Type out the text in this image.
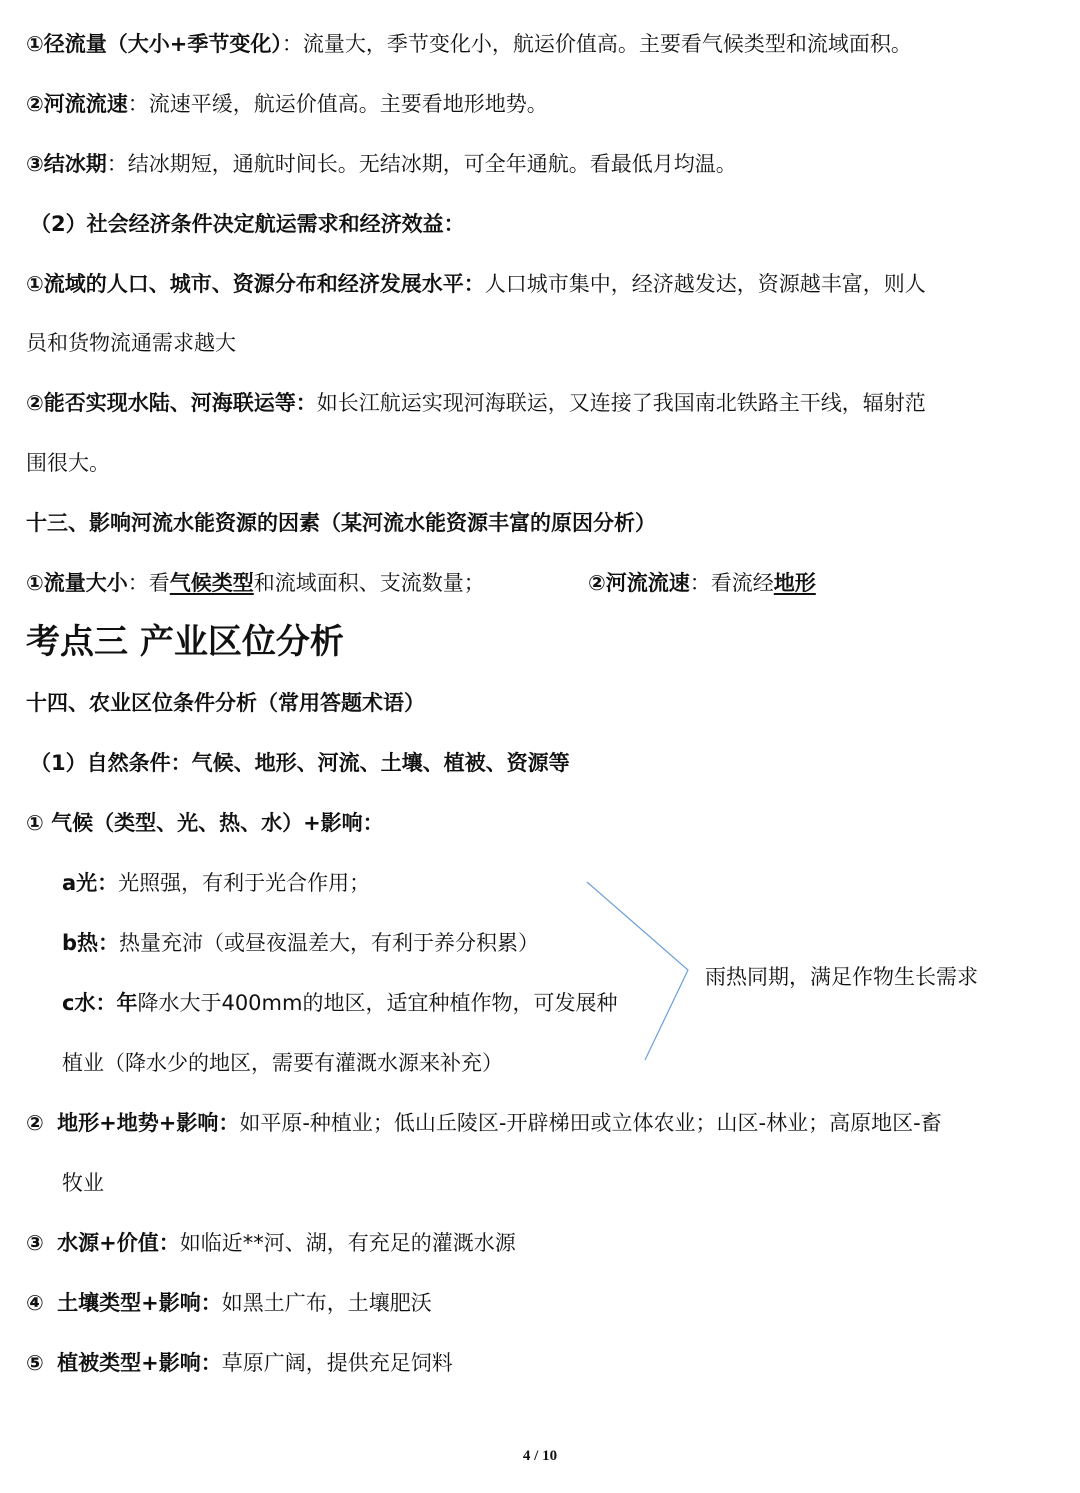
①径流量（大小+季节变化）：流量大，季节变化小，航运价值高。主要看气候类型和流域面积。
②河流流速：流速平缓，航运价值高。主要看地形地势。
③结冰期：结冰期短，通航时间长。无结冰期，可全年通航。看最低月均温。
（2）社会经济条件决定航运需求和经济效益：
①流域的人口、城市、资源分布和经济发展水平：人口城市集中，经济越发达，资源越丰富，则人
员和货物流通需求越大
②能否实现水陆、河海联运等：如长江航运实现河海联运，又连接了我国南北铁路主干线，辐射范
围很大。
十三、影响河流水能资源的因素（某河流水能资源丰富的原因分析）
①流量大小：看气候类型和流域面积、支流数量；	②河流流速：看流经地形
考点三 产业区位分析
十四、农业区位条件分析（常用答题术语）
（1）自然条件：气候、地形、河流、土壤、植被、资源等
① 气候（类型、光、热、水）+影响：
a光：光照强，有利于光合作用；
b热：热量充沛（或昼夜温差大，有利于养分积累）
c水：年降水大于400mm的地区，适宜种植作物，可发展种
植业（降水少的地区，需要有灌溉水源来补充）
雨热同期，满足作物生长需求
② 地形+地势+影响：如平原-种植业；低山丘陵区-开辟梯田或立体农业；山区-林业；高原地区-畜
牧业
③ 水源+价值：如临近**河、湖，有充足的灌溉水源
④ 土壤类型+影响：如黑土广布，土壤肥沃
⑤ 植被类型+影响：草原广阔，提供充足饲料
4 / 10
